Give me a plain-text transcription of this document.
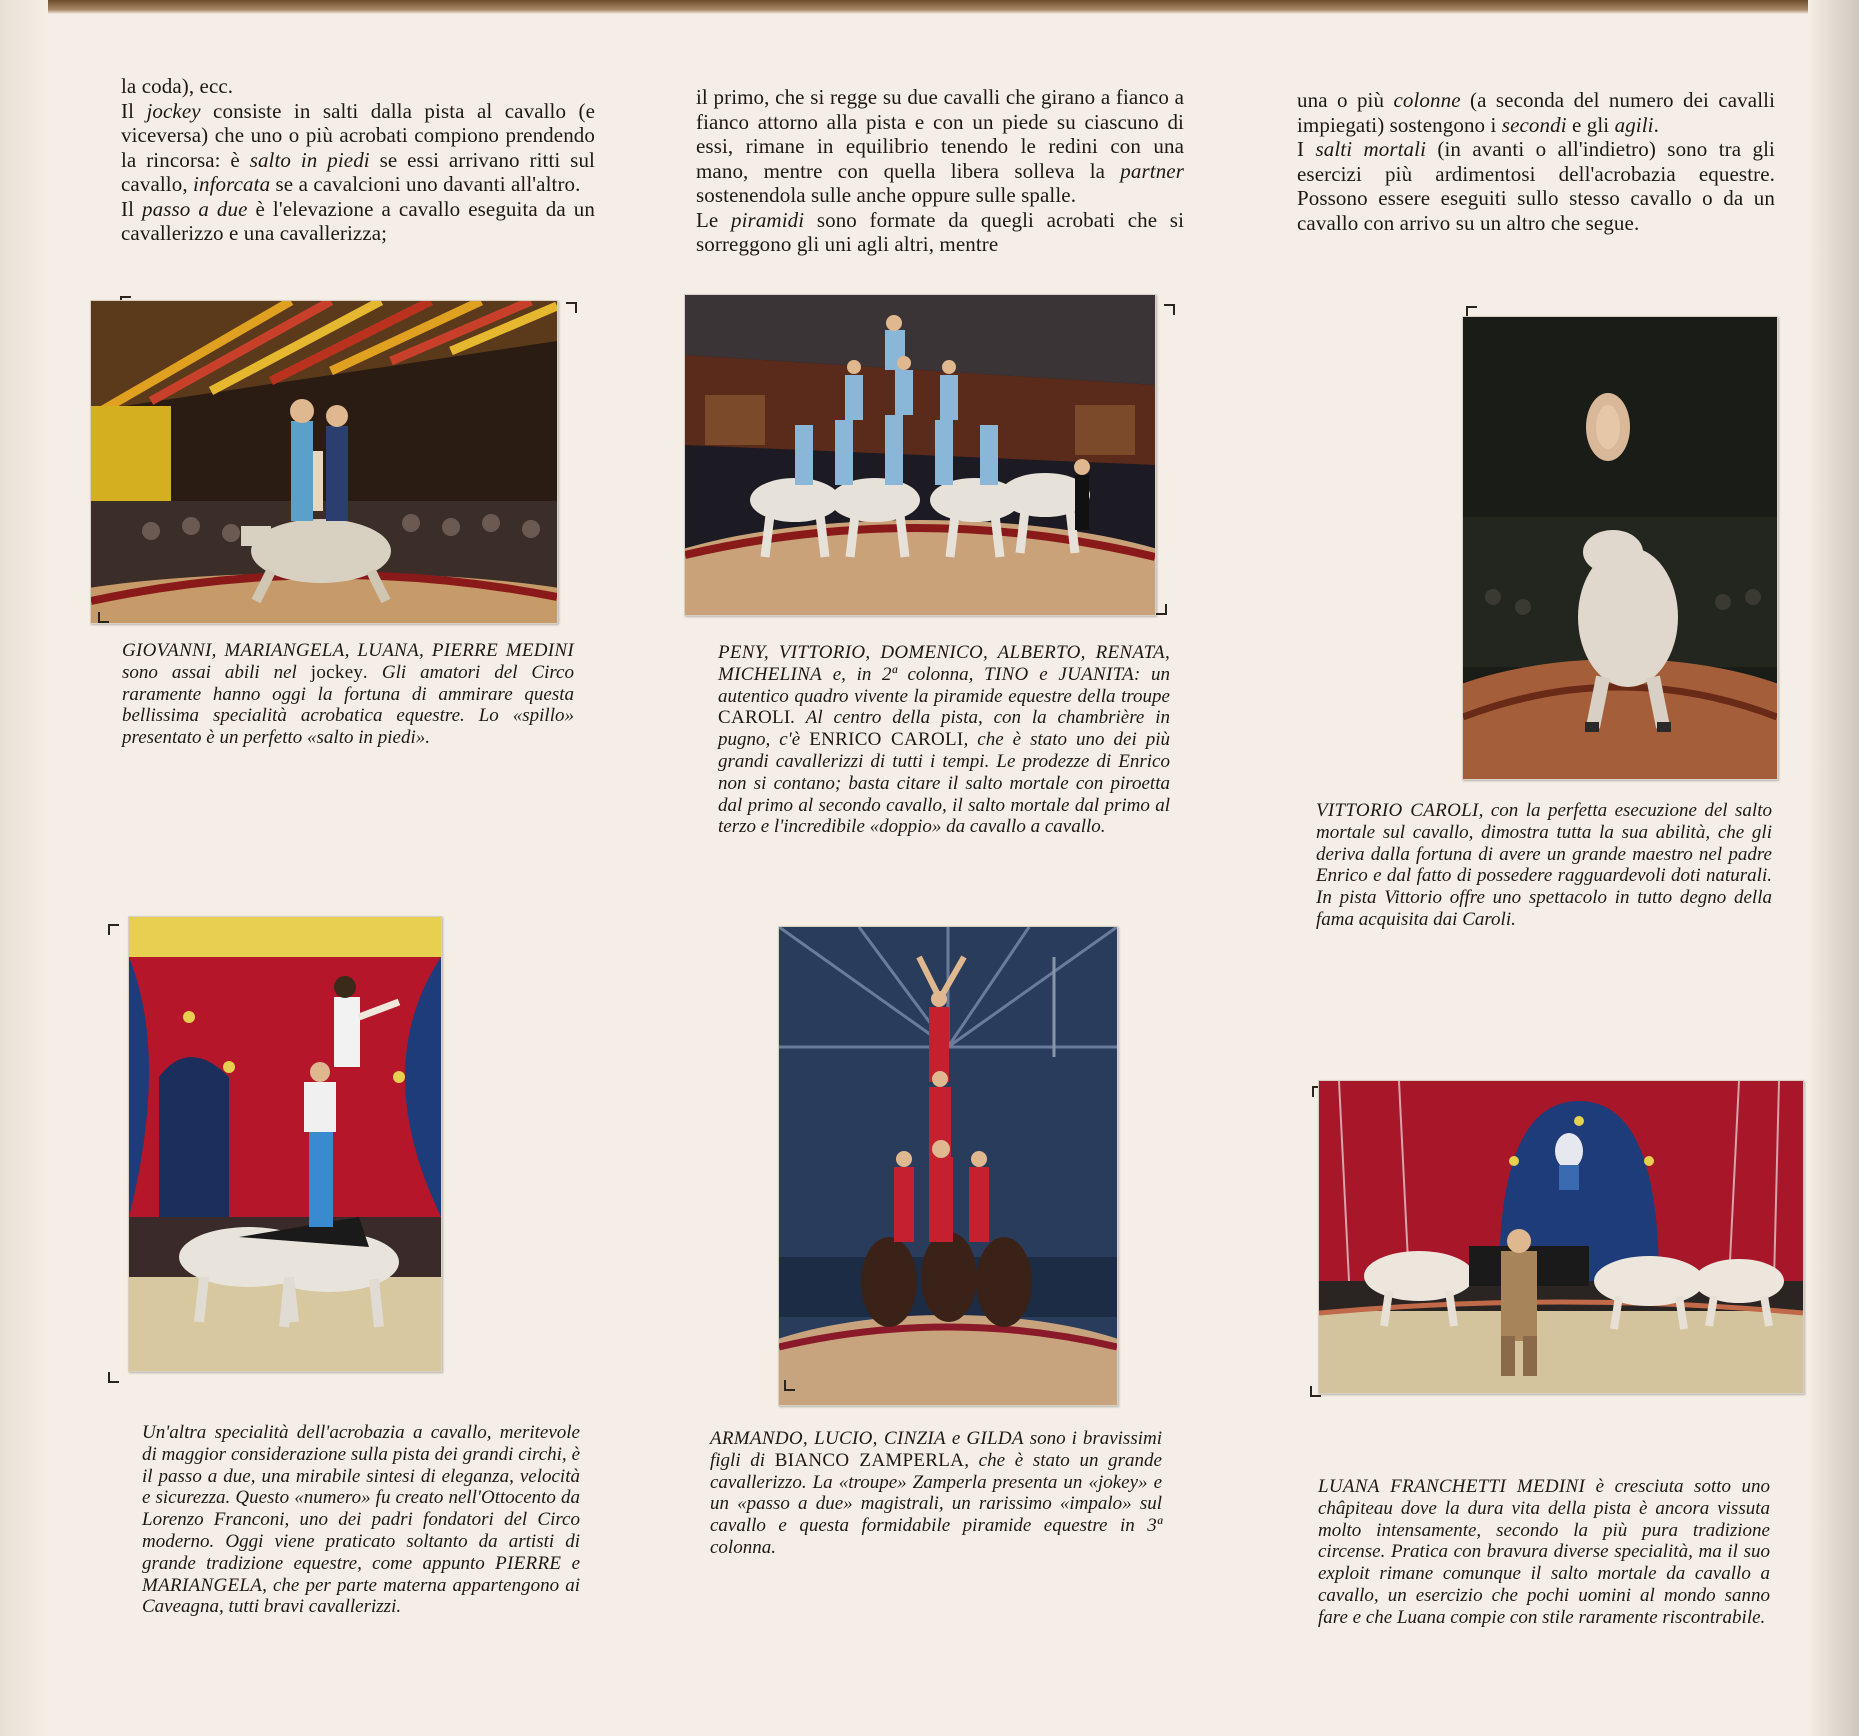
la coda), ecc.

Il jockey consiste in salti dalla pista al cavallo (e viceversa) che uno o più acrobati compiono prendendo la rincorsa: è salto in piedi se essi arrivano ritti sul cavallo, inforcata se a cavalcioni uno davanti all'altro.

Il passo a due è l'elevazione a cavallo eseguita da un cavallerizzo e una cavallerizza;

il primo, che si regge su due cavalli che girano a fianco a fianco attorno alla pista e con un piede su ciascuno di essi, rimane in equilibrio tenendo le redini con una mano, mentre con quella libera solleva la partner sostenendola sulle anche oppure sulle spalle.

Le piramidi sono formate da quegli acrobati che si sorreggono gli uni agli altri, mentre

una o più colonne (a seconda del numero dei cavalli impiegati) sostengono i secondi e gli agili.

I salti mortali (in avanti o all'indietro) sono tra gli esercizi più ardimentosi dell'acrobazia equestre. Possono essere eseguiti sullo stesso cavallo o da un cavallo con arrivo su un altro che segue.

GIOVANNI, MARIANGELA, LUANA, PIERRE MEDINI sono assai abili nel jockey. Gli amatori del Circo raramente hanno oggi la fortuna di ammirare questa bellissima specialità acrobatica equestre. Lo «spillo» presentato è un perfetto «salto in piedi».
PENY, VITTORIO, DOMENICO, ALBERTO, RENATA, MICHELINA e, in 2ª colonna, TINO e JUANITA: un autentico quadro vivente la piramide equestre della troupe CAROLI. Al centro della pista, con la chambrière in pugno, c'è ENRICO CAROLI, che è stato uno dei più grandi cavallerizzi di tutti i tempi. Le prodezze di Enrico non si contano; basta citare il salto mortale con piroetta dal primo al secondo cavallo, il salto mortale dal primo al terzo e l'incredibile «doppio» da cavallo a cavallo.
VITTORIO CAROLI, con la perfetta esecuzione del salto mortale sul cavallo, dimostra tutta la sua abilità, che gli deriva dalla fortuna di avere un grande maestro nel padre Enrico e dal fatto di possedere ragguardevoli doti naturali. In pista Vittorio offre uno spettacolo in tutto degno della fama acquisita dai Caroli.
Un'altra specialità dell'acrobazia a cavallo, meritevole di maggior considerazione sulla pista dei grandi circhi, è il passo a due, una mirabile sintesi di eleganza, velocità e sicurezza. Questo «numero» fu creato nell'Ottocento da Lorenzo Franconi, uno dei padri fondatori del Circo moderno. Oggi viene praticato soltanto da artisti di grande tradizione equestre, come appunto PIERRE e MARIANGELA, che per parte materna appartengono ai Caveagna, tutti bravi cavallerizzi.
ARMANDO, LUCIO, CINZIA e GILDA sono i bravissimi figli di BIANCO ZAMPERLA, che è stato un grande cavallerizzo. La «troupe» Zamperla presenta un «jokey» e un «passo a due» magistrali, un rarissimo «impalo» sul cavallo e questa formidabile piramide equestre in 3ª colonna.
LUANA FRANCHETTI MEDINI è cresciuta sotto uno châpiteau dove la dura vita della pista è ancora vissuta molto intensamente, secondo la più pura tradizione circense. Pratica con bravura diverse specialità, ma il suo exploit rimane comunque il salto mortale da cavallo a cavallo, un esercizio che pochi uomini al mondo sanno fare e che Luana compie con stile raramente riscontrabile.
